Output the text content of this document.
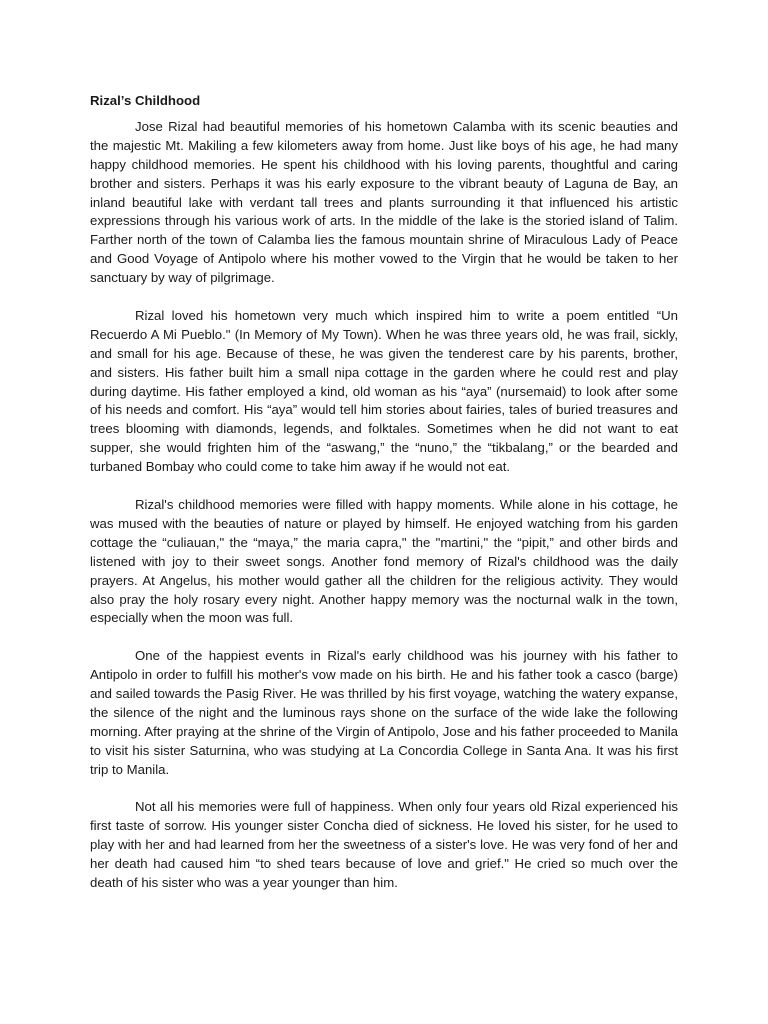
Rizal’s Childhood

Jose Rizal had beautiful memories of his hometown Calamba with its scenic beauties and the majestic Mt. Makiling a few kilometers away from home. Just like boys of his age, he had many happy childhood memories. He spent his childhood with his loving parents, thoughtful and caring brother and sisters. Perhaps it was his early exposure to the vibrant beauty of Laguna de Bay, an inland beautiful lake with verdant tall trees and plants surrounding it that influenced his artistic expressions through his various work of arts. In the middle of the lake is the storied island of Talim. Farther north of the town of Calamba lies the famous mountain shrine of Miraculous Lady of Peace and Good Voyage of Antipolo where his mother vowed to the Virgin that he would be taken to her sanctuary by way of pilgrimage.

Rizal loved his hometown very much which inspired him to write a poem entitled “Un Recuerdo A Mi Pueblo." (In Memory of My Town). When he was three years old, he was frail, sickly, and small for his age. Because of these, he was given the tenderest care by his parents, brother, and sisters. His father built him a small nipa cottage in the garden where he could rest and play during daytime. His father employed a kind, old woman as his “aya” (nursemaid) to look after some of his needs and comfort. His “aya” would tell him stories about fairies, tales of buried treasures and trees blooming with diamonds, legends, and folktales. Sometimes when he did not want to eat supper, she would frighten him of the “aswang,” the “nuno,” the “tikbalang,” or the bearded and turbaned Bombay who could come to take him away if he would not eat.

Rizal's childhood memories were filled with happy moments. While alone in his cottage, he was mused with the beauties of nature or played by himself. He enjoyed watching from his garden cottage the “culiauan," the “maya,” the maria capra," the "martini," the “pipit,” and other birds and listened with joy to their sweet songs. Another fond memory of Rizal's childhood was the daily prayers. At Angelus, his mother would gather all the children for the religious activity. They would also pray the holy rosary every night. Another happy memory was the nocturnal walk in the town, especially when the moon was full.

One of the happiest events in Rizal's early childhood was his journey with his father to Antipolo in order to fulfill his mother's vow made on his birth. He and his father took a casco (barge) and sailed towards the Pasig River. He was thrilled by his first voyage, watching the watery expanse, the silence of the night and the luminous rays shone on the surface of the wide lake the following morning. After praying at the shrine of the Virgin of Antipolo, Jose and his father proceeded to Manila to visit his sister Saturnina, who was studying at La Concordia College in Santa Ana. It was his first trip to Manila.

Not all his memories were full of happiness. When only four years old Rizal experienced his first taste of sorrow. His younger sister Concha died of sickness. He loved his sister, for he used to play with her and had learned from her the sweetness of a sister's love. He was very fond of her and her death had caused him “to shed tears because of love and grief." He cried so much over the death of his sister who was a year younger than him.
